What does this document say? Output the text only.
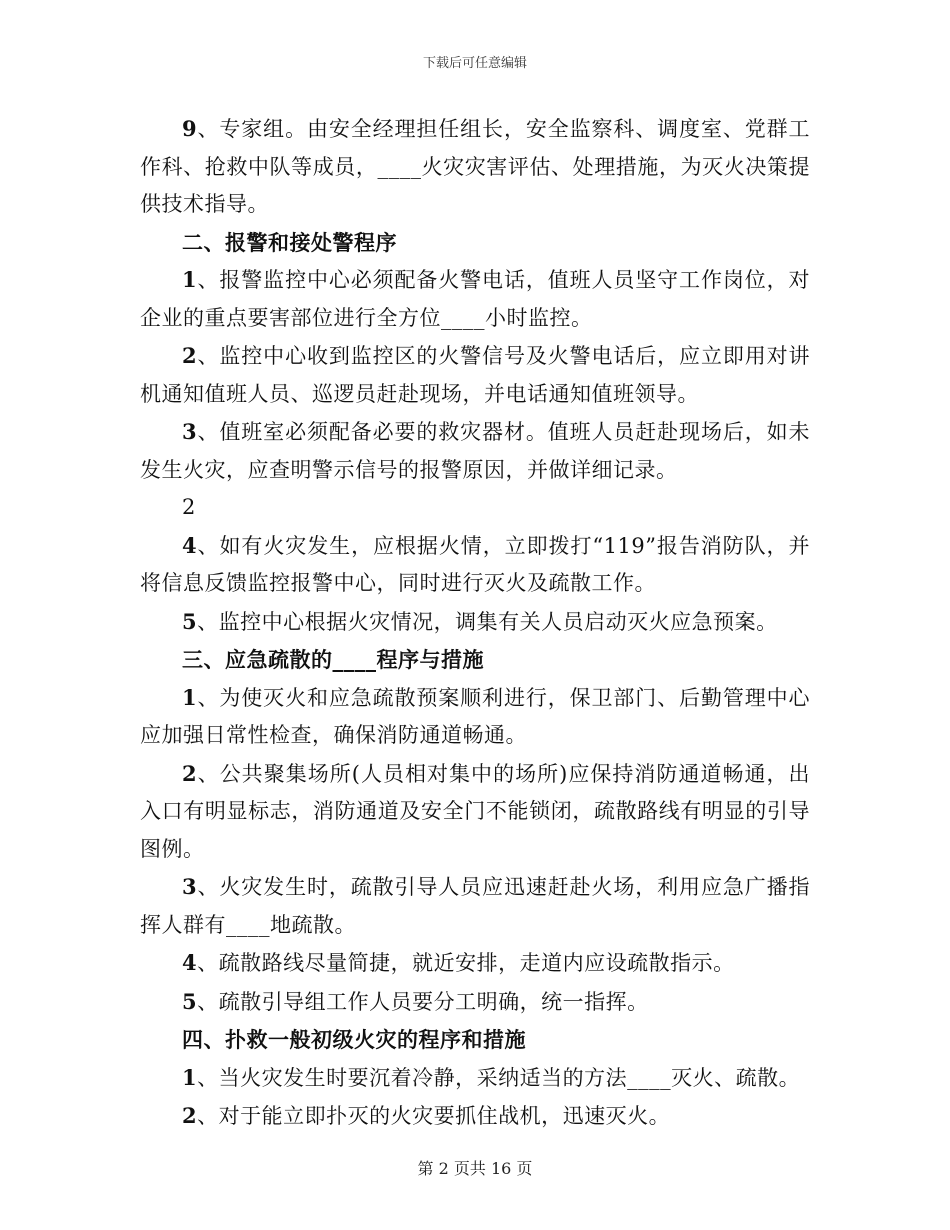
下载后可任意编辑

9、专家组。由安全经理担任组长，安全监察科、调度室、党群工作科、抢救中队等成员，____火灾灾害评估、处理措施，为灭火决策提供技术指导。

二、报警和接处警程序

1、报警监控中心必须配备火警电话，值班人员坚守工作岗位，对企业的重点要害部位进行全方位____小时监控。

2、监控中心收到监控区的火警信号及火警电话后，应立即用对讲机通知值班人员、巡逻员赶赴现场，并电话通知值班领导。

3、值班室必须配备必要的救灾器材。值班人员赶赴现场后，如未发生火灾，应查明警示信号的报警原因，并做详细记录。

2

4、如有火灾发生，应根据火情，立即拨打“119”报告消防队，并将信息反馈监控报警中心，同时进行灭火及疏散工作。

5、监控中心根据火灾情况，调集有关人员启动灭火应急预案。

三、应急疏散的____程序与措施

1、为使灭火和应急疏散预案顺利进行，保卫部门、后勤管理中心应加强日常性检查，确保消防通道畅通。

2、公共聚集场所(人员相对集中的场所)应保持消防通道畅通，出入口有明显标志，消防通道及安全门不能锁闭，疏散路线有明显的引导图例。

3、火灾发生时，疏散引导人员应迅速赶赴火场，利用应急广播指挥人群有____地疏散。

4、疏散路线尽量简捷，就近安排，走道内应设疏散指示。

5、疏散引导组工作人员要分工明确，统一指挥。

四、扑救一般初级火灾的程序和措施

1、当火灾发生时要沉着冷静，采纳适当的方法____灭火、疏散。

2、对于能立即扑灭的火灾要抓住战机，迅速灭火。

第 2 页共 16 页
